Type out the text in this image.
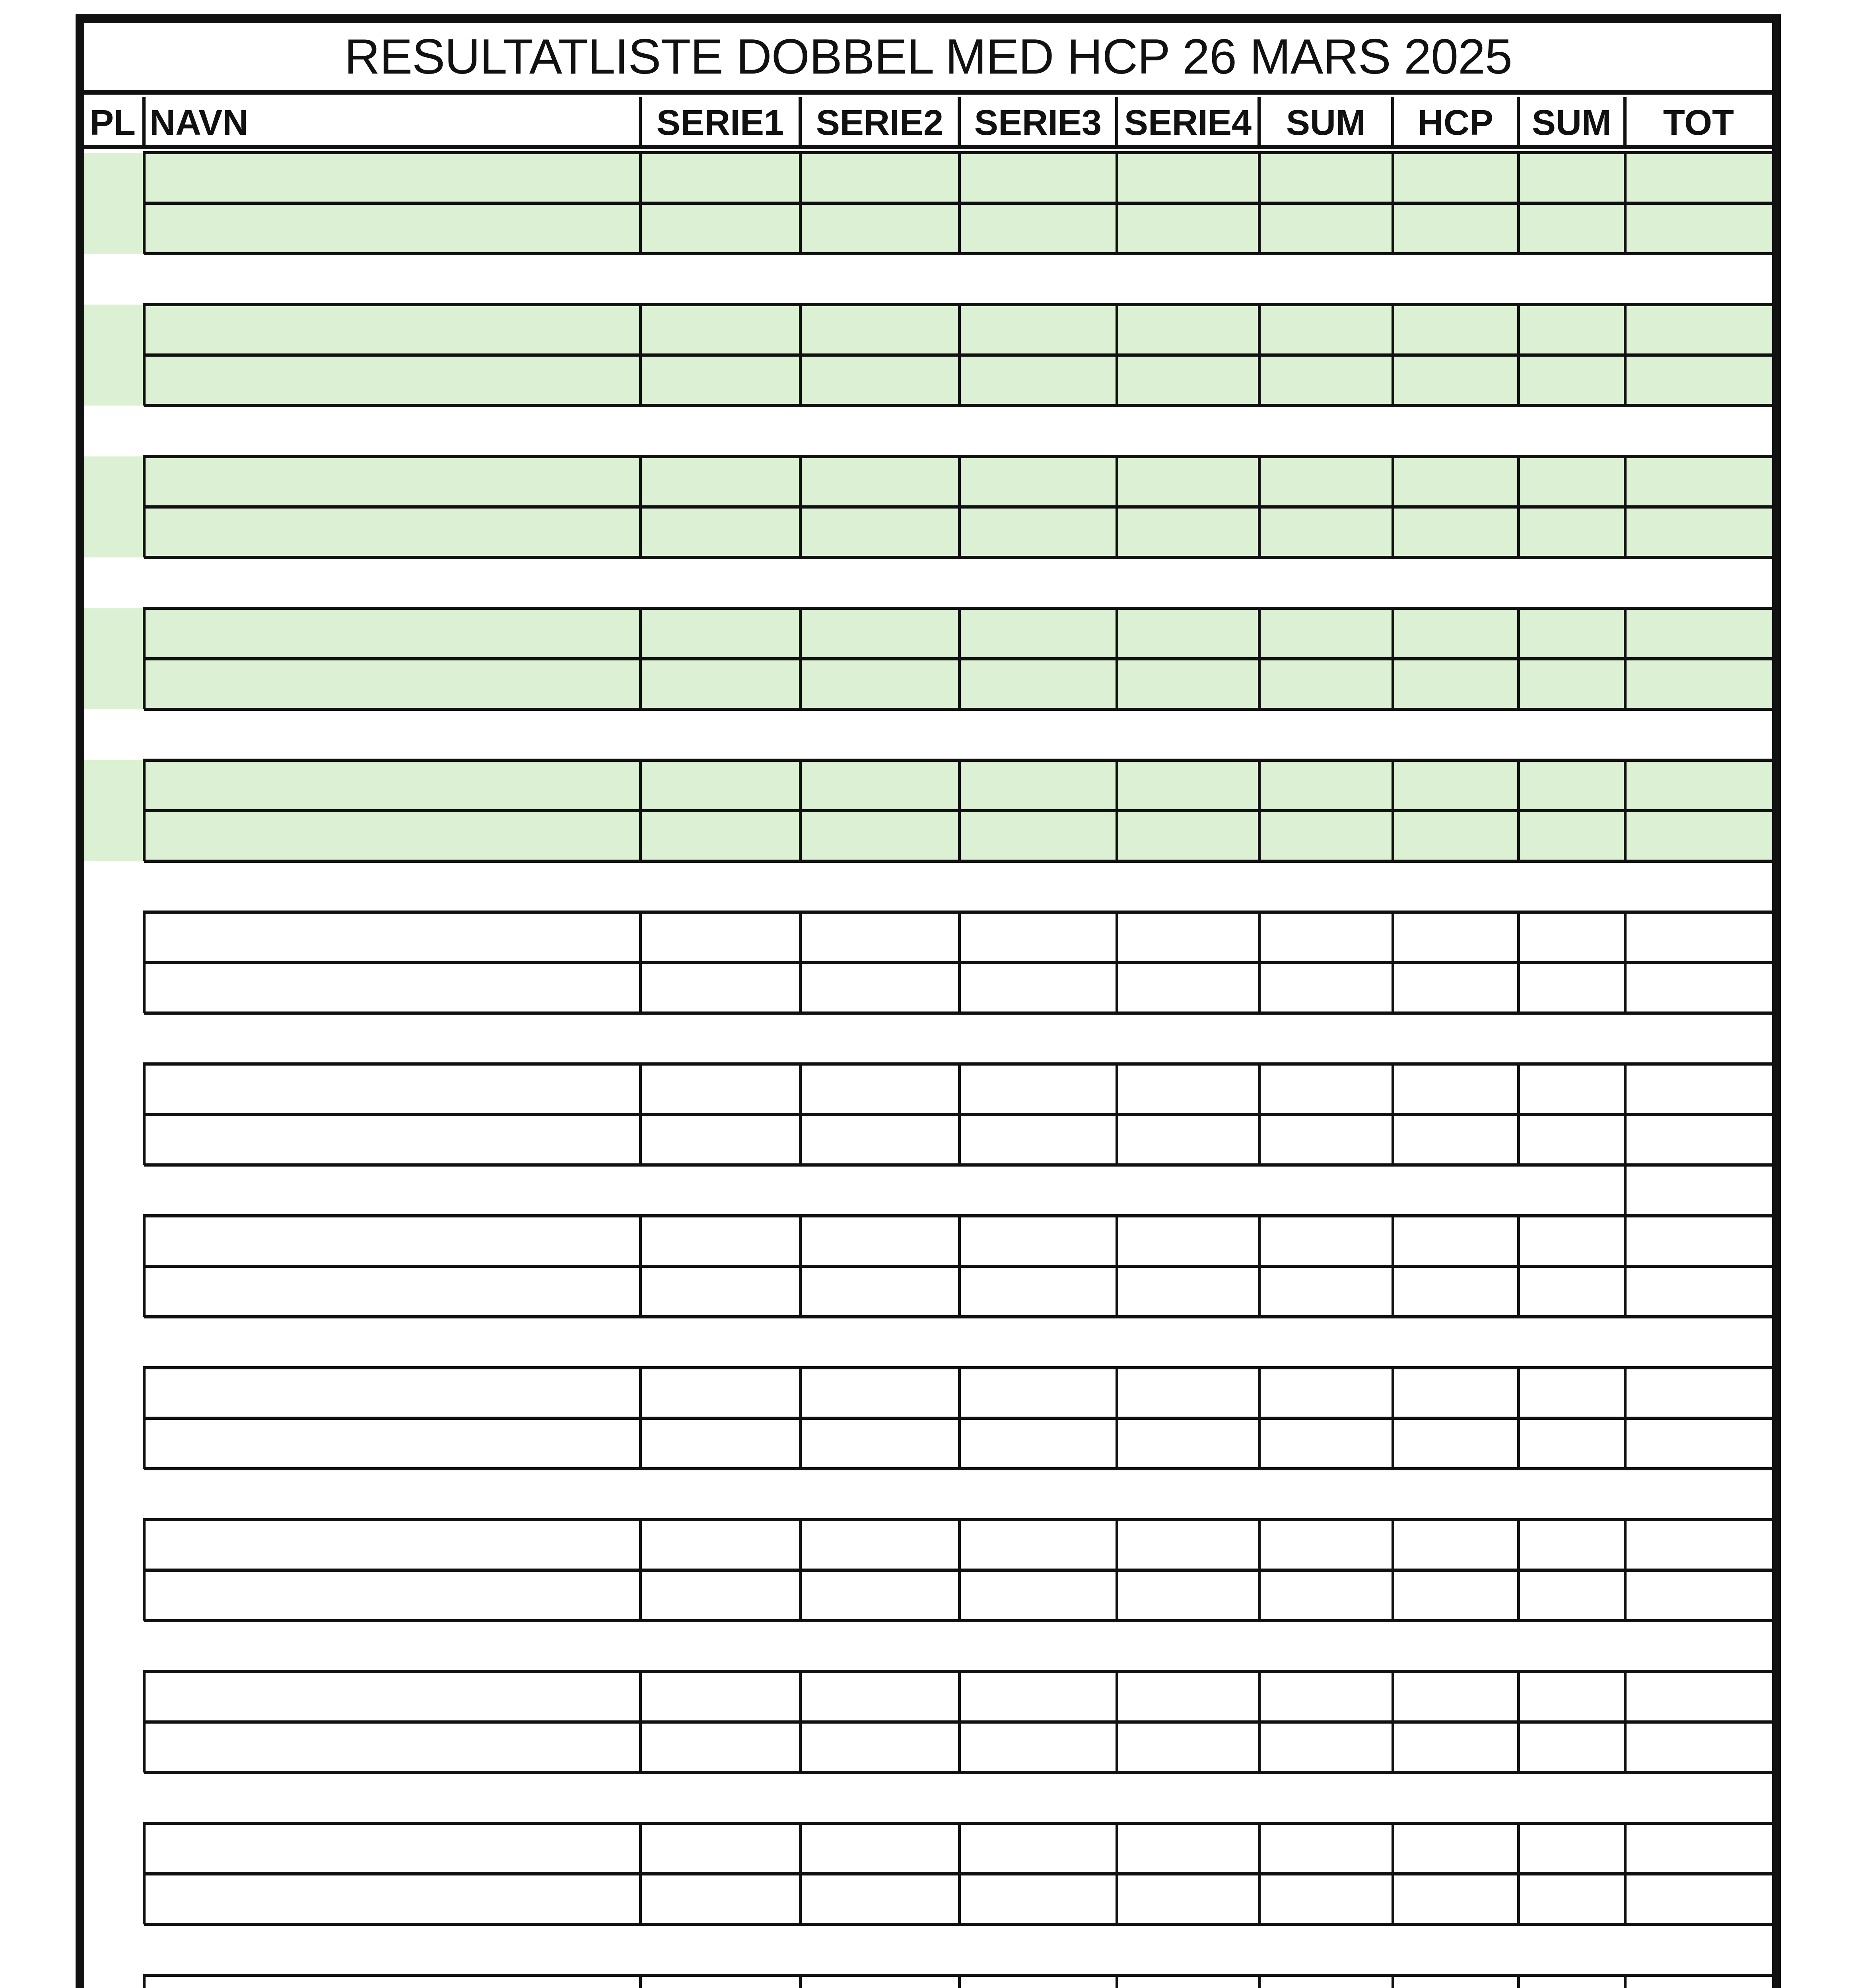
RESULTATLISTE DOBBEL MED HCP 26 MARS 2025
PL NAVN	SERIE1 SERIE2 SERIE3 SERIE4 SUM	HCP	SUM	TOT
